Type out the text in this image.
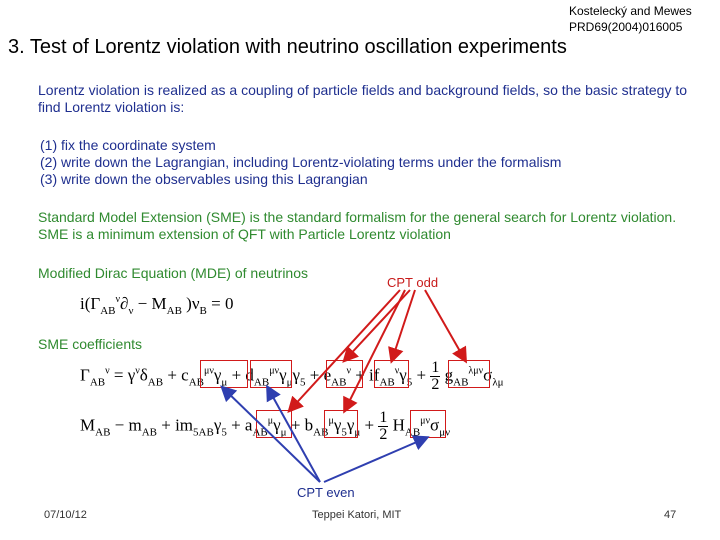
Kostelecký and Mewes
PRD69(2004)016005
3. Test of Lorentz violation with neutrino oscillation experiments
Lorentz violation is realized as a coupling of particle fields and background fields, so the basic strategy to find Lorentz violation is:
(1) fix the coordinate system
(2) write down the Lagrangian, including Lorentz-violating terms under the formalism
(3) write down the observables using this Lagrangian
Standard Model Extension (SME) is the standard formalism for the general search for Lorentz violation. SME is a minimum extension of QFT with Particle Lorentz violation
Modified Dirac Equation (MDE) of neutrinos
CPT odd
$i(\Gamma_{AB}^\nu\partial_\nu - M_{AB}$ )$\nu_B = 0$
SME coefficients
$\Gamma_{AB}^\nu = \gamma^\nu\delta_{AB} + c_{AB}^{\mu\nu}\gamma_\mu + d_{AB}^{\mu\nu}\gamma_\mu\gamma_5 + e_{AB}^\nu + if_{AB}^\nu\gamma_5 + \frac{1}{2} g_{AB}^{\lambda\mu\nu}\sigma_{\lambda\mu}$
$M_{AB} - m_{AB} + im_{5AB}\gamma_5 + a_{AB}^\mu\gamma_\mu + b_{AB}^\mu\gamma_5\gamma_\mu + \frac{1}{2} H_{AB}^{\mu\nu}\sigma_{\mu\nu}$
CPT even
07/10/12	Teppei Katori, MIT	47
